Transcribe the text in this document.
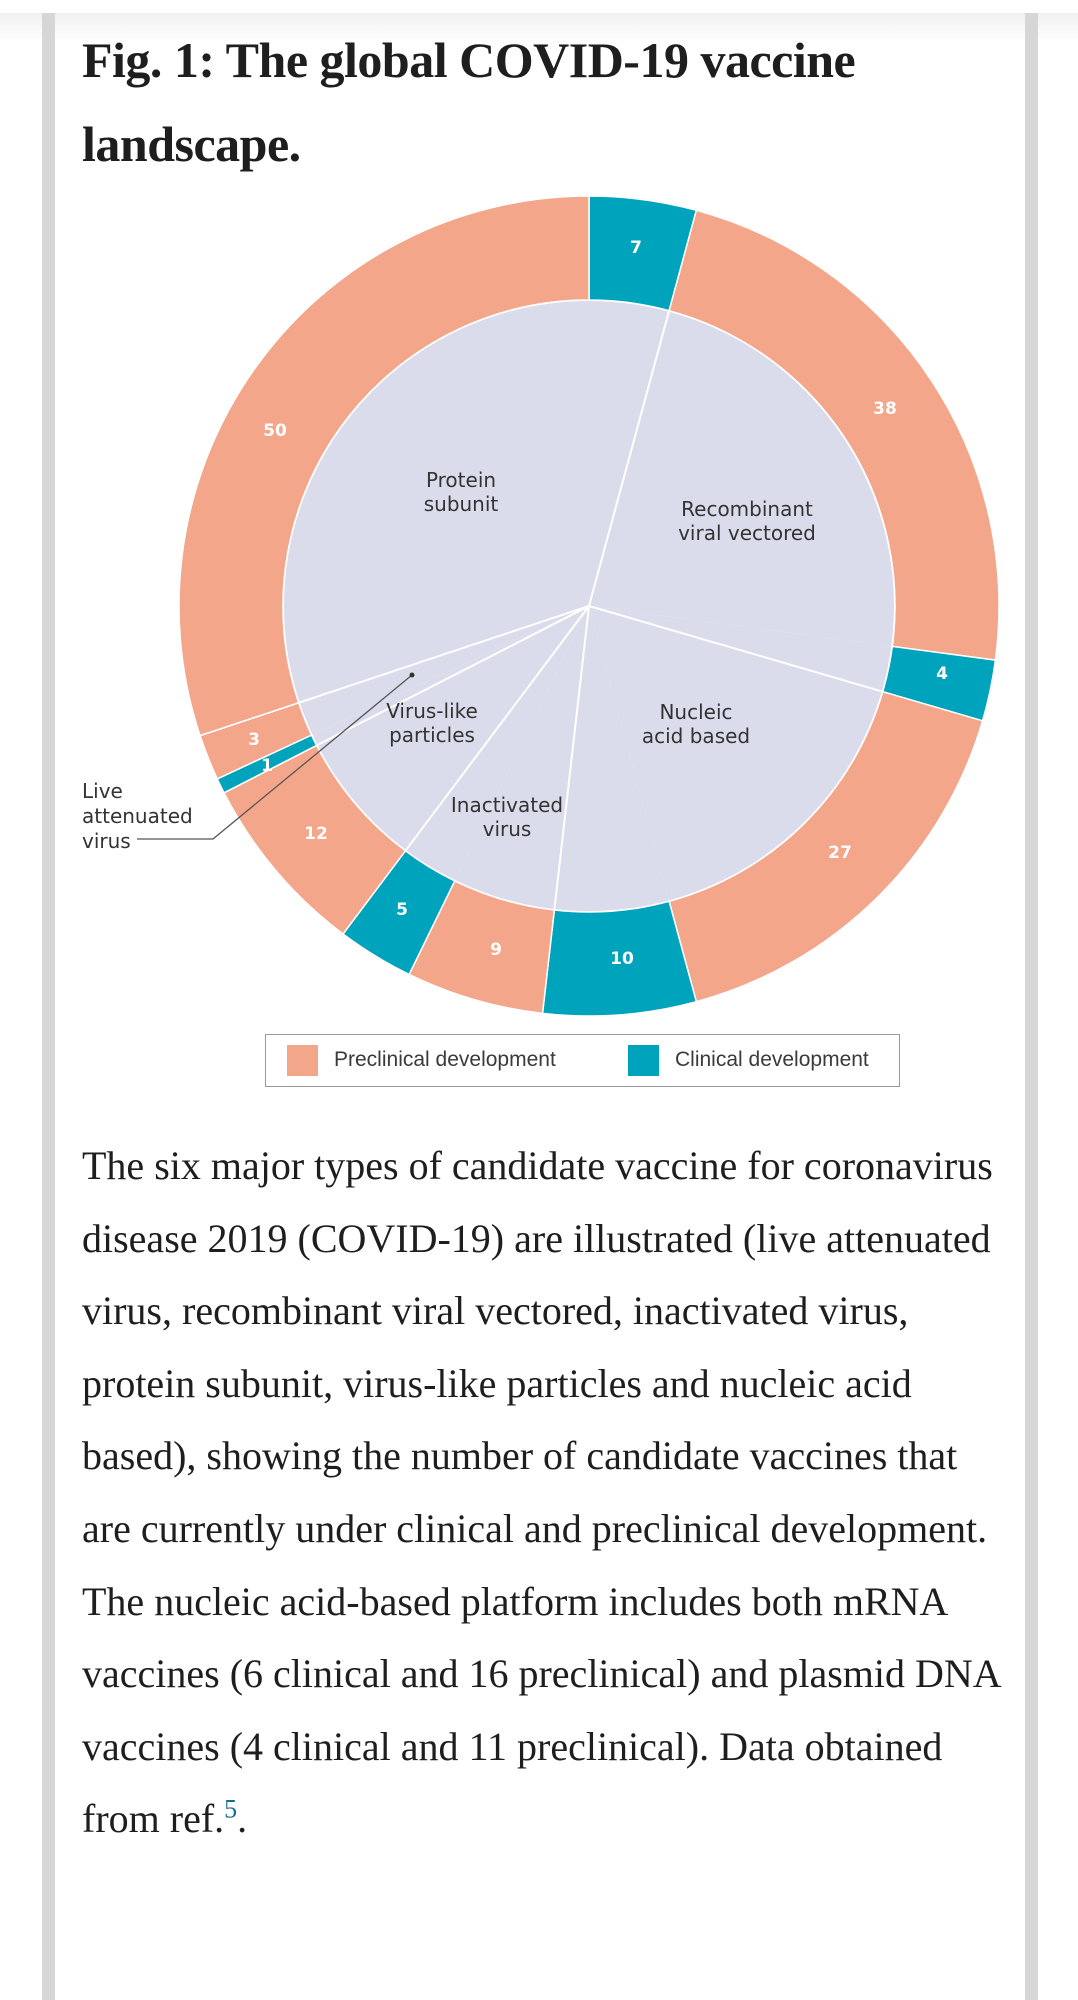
Fig. 1: The global COVID-19 vaccine landscape.
Protein subunit	Recombinant viral vectored
Nucleic acid based
Inactivated virus
Virus-like particles
7
38
4
27
10
9
5
12
1
3
50
Live attenuated virus
Preclinical development	Clinical development

The six major types of candidate vaccine for coronavirus disease 2019 (COVID-19) are illustrated (live attenuated virus, recombinant viral vectored, inactivated virus, protein subunit, virus-like particles and nucleic acid based), showing the number of candidate vaccines that are currently under clinical and preclinical development. The nucleic acid-based platform includes both mRNA vaccines (6 clinical and 16 preclinical) and plasmid DNA vaccines (4 clinical and 11 preclinical). Data obtained from ref.$^5$.
